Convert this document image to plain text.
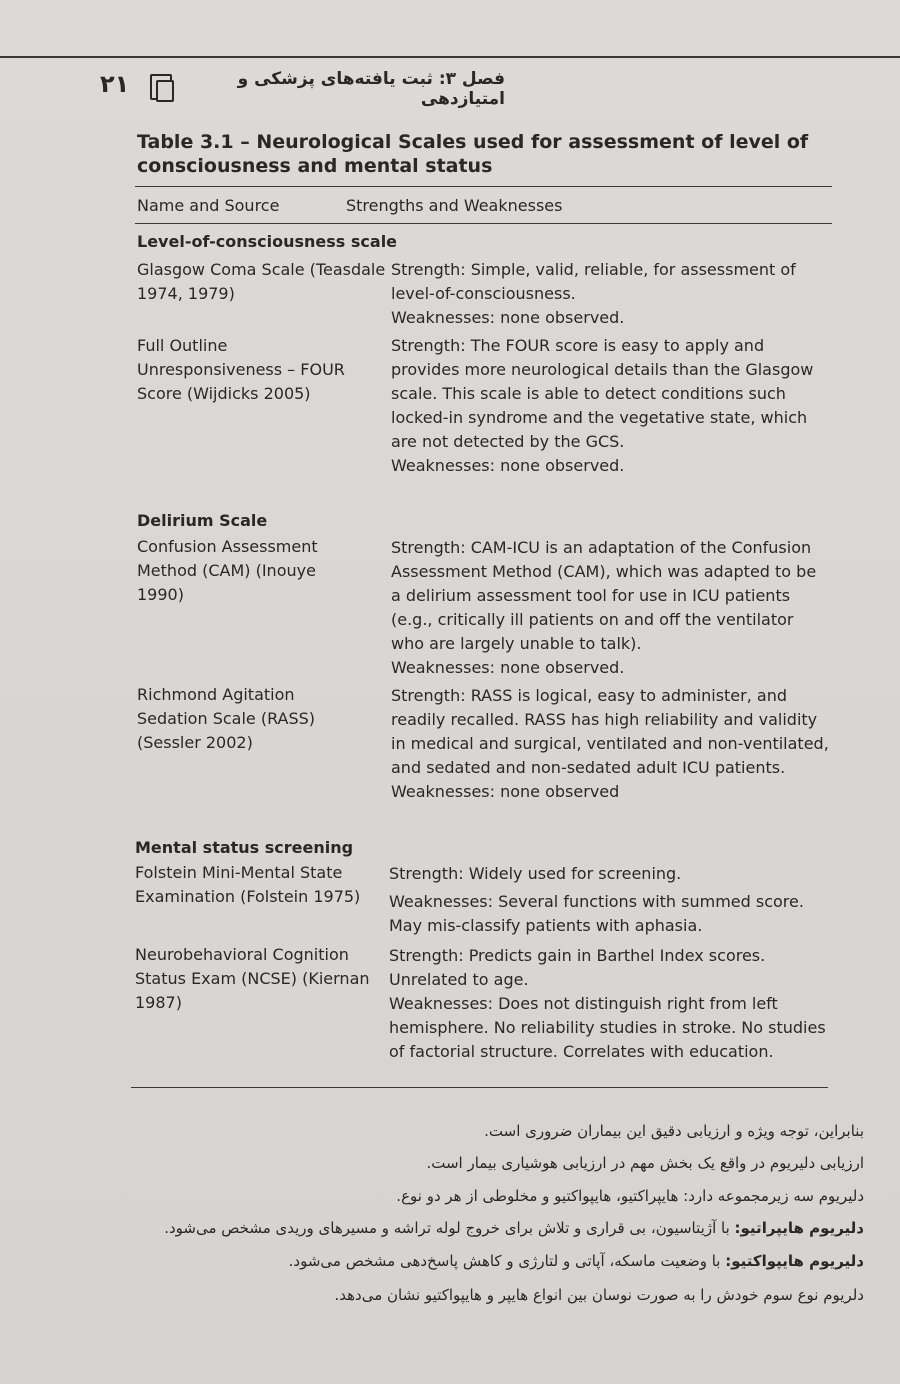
۲۱	فصل ۳: ثبت یافته‌های پزشکی و امتیازدهی
Table 3.1 – Neurological Scales used for assessment of level of consciousness and mental status
Name and Source	Strengths and Weaknesses
Level-of-consciousness scale
Glasgow Coma Scale (Teasdale 1974, 1979)

Strength: Simple, valid, reliable, for assessment of level-of-consciousness.

Weaknesses: none observed.

Full Outline Unresponsiveness – FOUR Score (Wijdicks 2005)

Strength: The FOUR score is easy to apply and provides more neurological details than the Glasgow scale. This scale is able to detect conditions such locked-in syndrome and the vegetative state, which are not detected by the GCS.

Weaknesses: none observed.

Delirium Scale
Confusion Assessment Method (CAM) (Inouye 1990)

Strength: CAM-ICU is an adaptation of the Confusion Assessment Method (CAM), which was adapted to be a delirium assessment tool for use in ICU patients (e.g., critically ill patients on and off the ventilator who are largely unable to talk).

Weaknesses: none observed.

Richmond Agitation Sedation Scale (RASS) (Sessler 2002)

Strength: RASS is logical, easy to administer, and readily recalled. RASS has high reliability and validity in medical and surgical, ventilated and non-ventilated, and sedated and non-sedated adult ICU patients.

Weaknesses: none observed

Mental status screening
Folstein Mini-Mental State Examination (Folstein 1975)

Strength: Widely used for screening.

Weaknesses: Several functions with summed score. May mis-classify patients with aphasia.

Neurobehavioral Cognition Status Exam (NCSE) (Kiernan 1987)

Strength: Predicts gain in Barthel Index scores. Unrelated to age.

Weaknesses: Does not distinguish right from left hemisphere. No reliability studies in stroke. No studies of factorial structure. Correlates with education.

بنابراین، توجه ویژه و ارزیابی دقیق این بیماران ضروری است.
ارزیابی دلیریوم در واقع یک بخش مهم در ارزیابی هوشیاری بیمار است.
دلیریوم سه زیرمجموعه دارد: هایپراکتیو، هایپواکتیو و مخلوطی از هر دو نوع.
دلیریوم هایپراتیو: با آژیتاسیون، بی قراری و تلاش برای خروج لوله تراشه و مسیرهای وریدی مشخص می‌شود.
دلیریوم هایپواکتیو: با وضعیت ماسکه، آپاتی و لتارژی و کاهش پاسخ‌دهی مشخص می‌شود.
دلریوم نوع سوم خودش را به صورت نوسان بین انواع هایپر و هایپواکتیو نشان می‌دهد.
